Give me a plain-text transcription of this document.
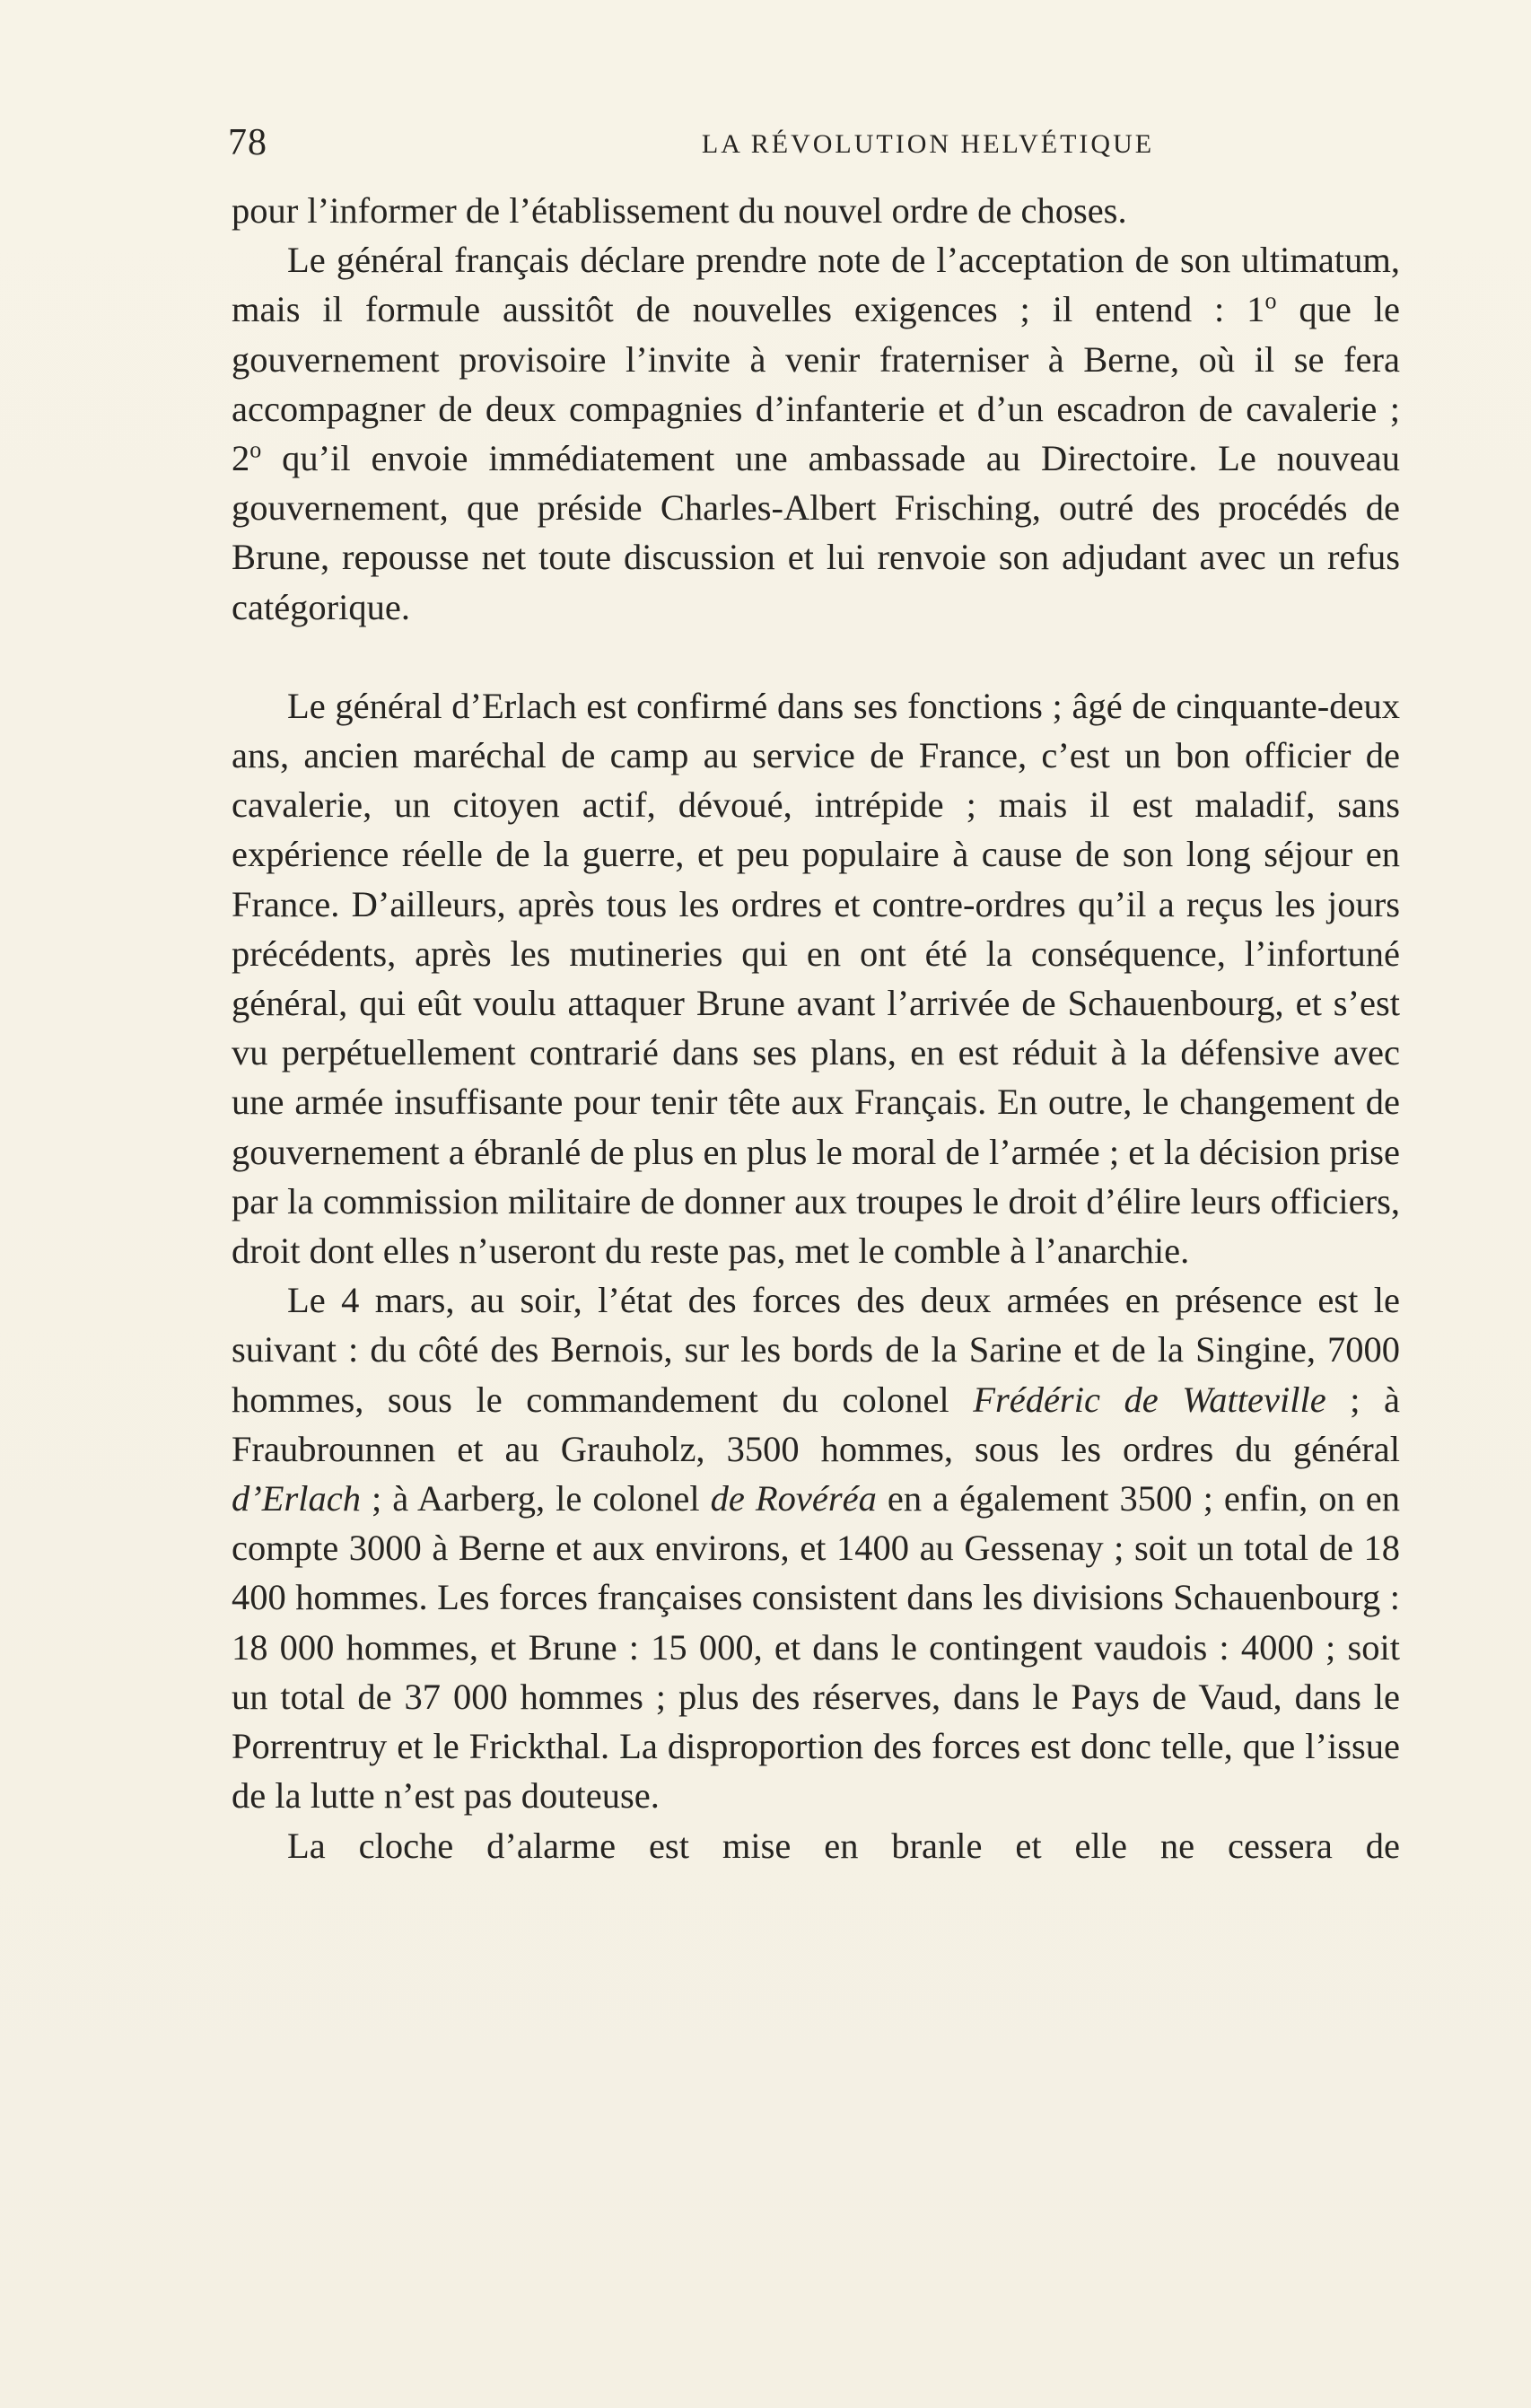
78	LA RÉVOLUTION HELVÉTIQUE

pour l’informer de l’établissement du nouvel ordre de choses.

Le général français déclare prendre note de l’acceptation de son ultimatum, mais il formule aussitôt de nouvelles exigences ; il entend : 1$^o$ que le gouvernement provisoire l’invite à venir fraterniser à Berne, où il se fera accompagner de deux compagnies d’infanterie et d’un escadron de cavalerie ; 2$^o$ qu’il envoie immédiatement une ambassade au Directoire. Le nouveau gouvernement, que préside Charles-Albert Frisching, outré des procédés de Brune, repousse net toute discussion et lui renvoie son adjudant avec un refus catégorique.

Le général d’Erlach est confirmé dans ses fonctions ; âgé de cinquante-deux ans, ancien maréchal de camp au service de France, c’est un bon officier de cavalerie, un citoyen actif, dévoué, intrépide ; mais il est maladif, sans expérience réelle de la guerre, et peu populaire à cause de son long séjour en France. D’ailleurs, après tous les ordres et contre-ordres qu’il a reçus les jours précédents, après les mutineries qui en ont été la conséquence, l’infortuné général, qui eût voulu attaquer Brune avant l’arrivée de Schauenbourg, et s’est vu perpétuellement contrarié dans ses plans, en est réduit à la défensive avec une armée insuffisante pour tenir tête aux Français. En outre, le changement de gouvernement a ébranlé de plus en plus le moral de l’armée ; et la décision prise par la commission militaire de donner aux troupes le droit d’élire leurs officiers, droit dont elles n’useront du reste pas, met le comble à l’anarchie.

Le 4 mars, au soir, l’état des forces des deux armées en présence est le suivant : du côté des Bernois, sur les bords de la Sarine et de la Singine, 7000 hommes, sous le commandement du colonel Frédéric de Watteville ; à Fraubrounnen et au Grauholz, 3500 hommes, sous les ordres du général d’Erlach ; à Aarberg, le colonel de Rovéréa en a également 3500 ; enfin, on en compte 3000 à Berne et aux environs, et 1400 au Gessenay ; soit un total de 18 400 hommes. Les forces françaises consistent dans les divisions Schauenbourg : 18 000 hommes, et Brune : 15 000, et dans le contingent vaudois : 4000 ; soit un total de 37 000 hommes ; plus des réserves, dans le Pays de Vaud, dans le Porrentruy et le Frickthal. La disproportion des forces est donc telle, que l’issue de la lutte n’est pas douteuse.

La cloche d’alarme est mise en branle et elle ne cessera de
